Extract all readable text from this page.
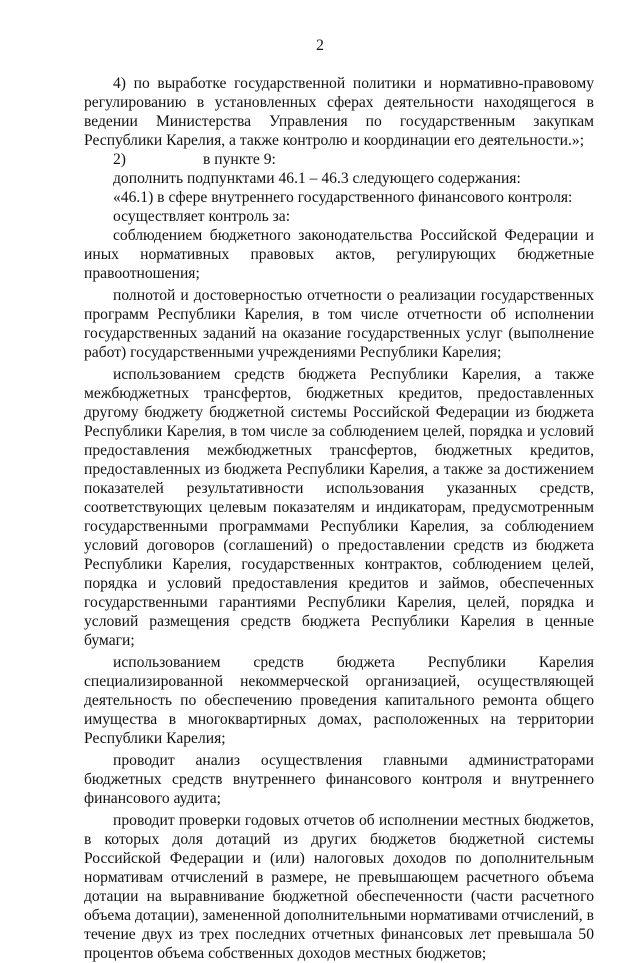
2

4) по выработке государственной политики и нормативно-правовому регулированию в установленных сферах деятельности находящегося в ведении Министерства Управления по государственным закупкам Республики Карелия, а также контролю и координации его деятельности.»;

2)	в пункте 9:

дополнить подпунктами 46.1 – 46.3 следующего содержания:

«46.1) в сфере внутреннего государственного финансового контроля:

осуществляет контроль за:

соблюдением бюджетного законодательства Российской Федерации и иных нормативных правовых актов, регулирующих бюджетные правоотношения;

полнотой и достоверностью отчетности о реализации государственных программ Республики Карелия, в том числе отчетности об исполнении государственных заданий на оказание государственных услуг (выполнение работ) государственными учреждениями Республики Карелия;

использованием средств бюджета Республики Карелия, а также межбюджетных трансфертов, бюджетных кредитов, предоставленных другому бюджету бюджетной системы Российской Федерации из бюджета Республики Карелия, в том числе за соблюдением целей, порядка и условий предоставления межбюджетных трансфертов, бюджетных кредитов, предоставленных из бюджета Республики Карелия, а также за достижением показателей результативности использования указанных средств, соответствующих целевым показателям и индикаторам, предусмотренным государственными программами Республики Карелия, за соблюдением условий договоров (соглашений) о предоставлении средств из бюджета Республики Карелия, государственных контрактов, соблюдением целей, порядка и условий предоставления кредитов и займов, обеспеченных государственными гарантиями Республики Карелия, целей, порядка и условий размещения средств бюджета Республики Карелия в ценные бумаги;

использованием средств бюджета Республики Карелия специализированной некоммерческой организацией, осуществляющей деятельность по обеспечению проведения капитального ремонта общего имущества в многоквартирных домах, расположенных на территории Республики Карелия;

проводит анализ осуществления главными администраторами бюджетных средств внутреннего финансового контроля и внутреннего финансового аудита;

проводит проверки годовых отчетов об исполнении местных бюджетов, в которых доля дотаций из других бюджетов бюджетной системы Российской Федерации и (или) налоговых доходов по дополнительным нормативам отчислений в размере, не превышающем расчетного объема дотации на выравнивание бюджетной обеспеченности (части расчетного объема дотации), замененной дополнительными нормативами отчислений, в течение двух из трех последних отчетных финансовых лет превышала 50 процентов объема собственных доходов местных бюджетов;
